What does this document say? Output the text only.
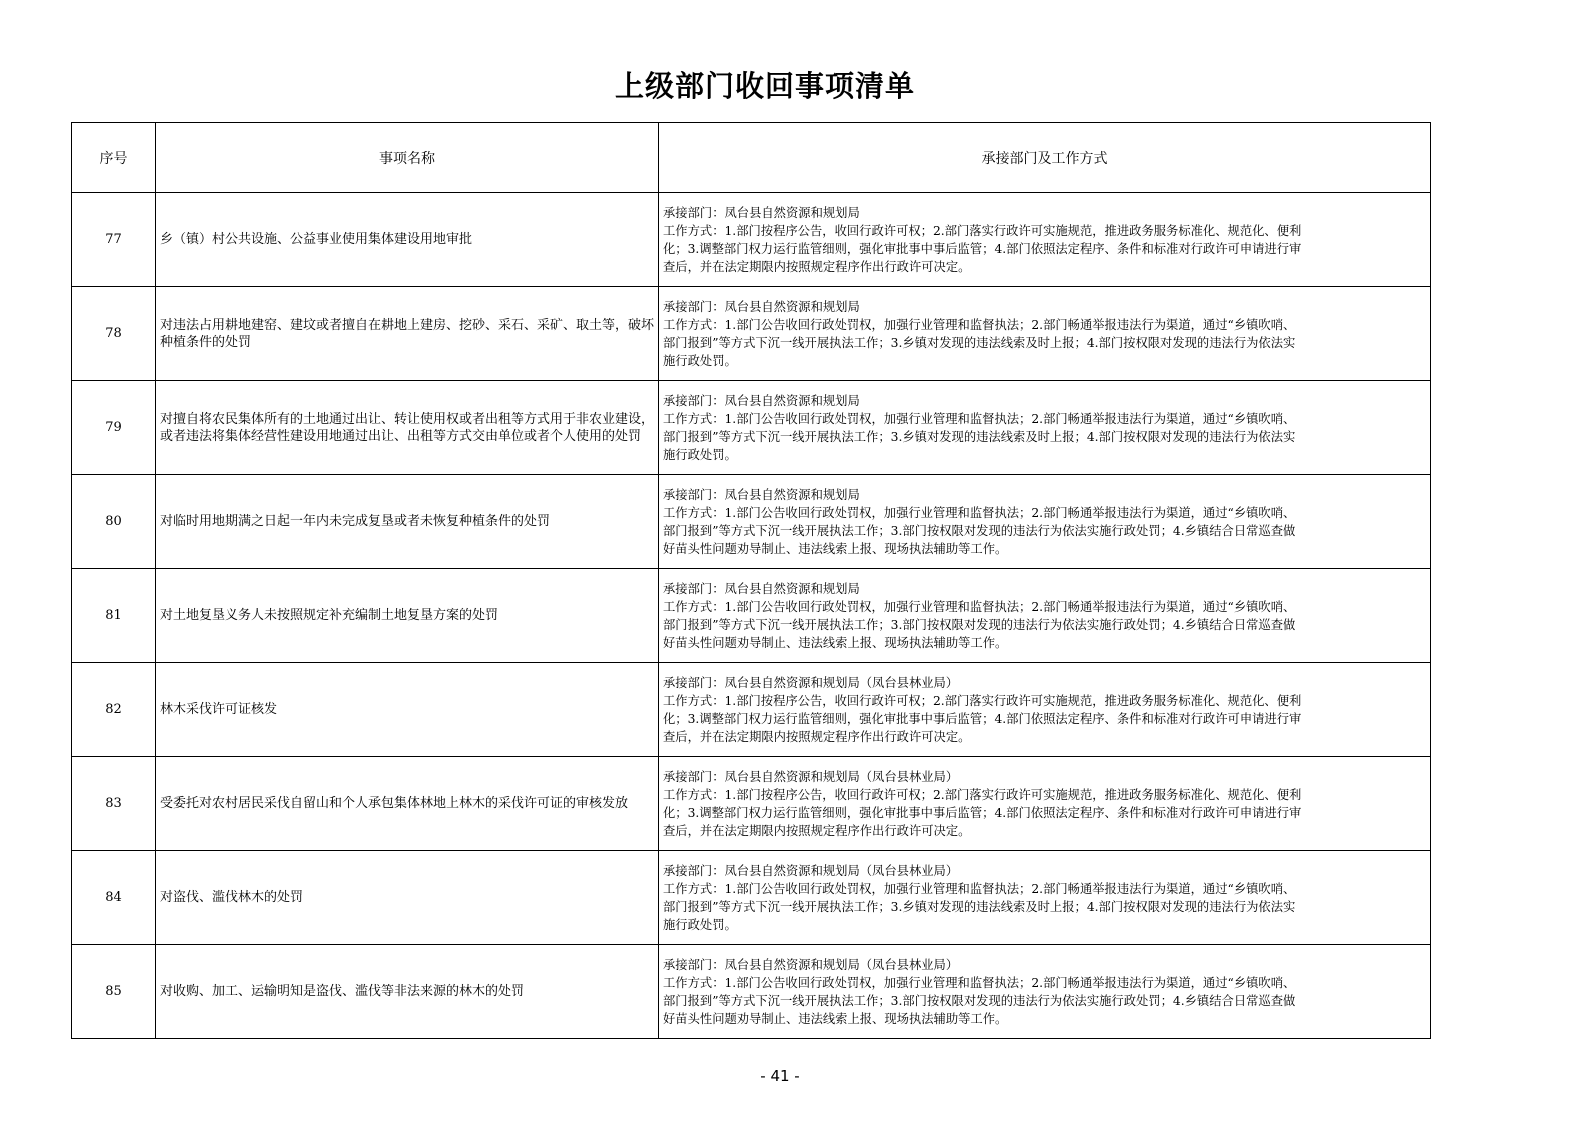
上级部门收回事项清单
序号	事项名称	承接部门及工作方式
77	乡（镇）村公共设施、公益事业使用集体建设用地审批	承接部门：凤台县自然资源和规划局
工作方式：1.部门按程序公告，收回行政许可权；2.部门落实行政许可实施规范，推进政务服务标准化、规范化、便利
化；3.调整部门权力运行监管细则，强化审批事中事后监管；4.部门依照法定程序、条件和标准对行政许可申请进行审
查后，并在法定期限内按照规定程序作出行政许可决定。

78	对违法占用耕地建窑、建坟或者擅自在耕地上建房、挖砂、采石、采矿、取土等，破坏种植条件的处罚	承接部门：凤台县自然资源和规划局
工作方式：1.部门公告收回行政处罚权，加强行业管理和监督执法；2.部门畅通举报违法行为渠道，通过“乡镇吹哨、
部门报到”等方式下沉一线开展执法工作；3.乡镇对发现的违法线索及时上报；4.部门按权限对发现的违法行为依法实
施行政处罚。

79	对擅自将农民集体所有的土地通过出让、转让使用权或者出租等方式用于非农业建设，或者违法将集体经营性建设用地通过出让、出租等方式交由单位或者个人使用的处罚	承接部门：凤台县自然资源和规划局
工作方式：1.部门公告收回行政处罚权，加强行业管理和监督执法；2.部门畅通举报违法行为渠道，通过“乡镇吹哨、
部门报到”等方式下沉一线开展执法工作；3.乡镇对发现的违法线索及时上报；4.部门按权限对发现的违法行为依法实
施行政处罚。

80	对临时用地期满之日起一年内未完成复垦或者未恢复种植条件的处罚	承接部门：凤台县自然资源和规划局
工作方式：1.部门公告收回行政处罚权，加强行业管理和监督执法；2.部门畅通举报违法行为渠道，通过“乡镇吹哨、
部门报到”等方式下沉一线开展执法工作；3.部门按权限对发现的违法行为依法实施行政处罚；4.乡镇结合日常巡查做
好苗头性问题劝导制止、违法线索上报、现场执法辅助等工作。

81	对土地复垦义务人未按照规定补充编制土地复垦方案的处罚	承接部门：凤台县自然资源和规划局
工作方式：1.部门公告收回行政处罚权，加强行业管理和监督执法；2.部门畅通举报违法行为渠道，通过“乡镇吹哨、
部门报到”等方式下沉一线开展执法工作；3.部门按权限对发现的违法行为依法实施行政处罚；4.乡镇结合日常巡查做
好苗头性问题劝导制止、违法线索上报、现场执法辅助等工作。

82	林木采伐许可证核发	承接部门：凤台县自然资源和规划局（凤台县林业局）
工作方式：1.部门按程序公告，收回行政许可权；2.部门落实行政许可实施规范，推进政务服务标准化、规范化、便利
化；3.调整部门权力运行监管细则，强化审批事中事后监管；4.部门依照法定程序、条件和标准对行政许可申请进行审
查后，并在法定期限内按照规定程序作出行政许可决定。

83	受委托对农村居民采伐自留山和个人承包集体林地上林木的采伐许可证的审核发放	承接部门：凤台县自然资源和规划局（凤台县林业局）
工作方式：1.部门按程序公告，收回行政许可权；2.部门落实行政许可实施规范，推进政务服务标准化、规范化、便利
化；3.调整部门权力运行监管细则，强化审批事中事后监管；4.部门依照法定程序、条件和标准对行政许可申请进行审
查后，并在法定期限内按照规定程序作出行政许可决定。

84	对盗伐、滥伐林木的处罚	承接部门：凤台县自然资源和规划局（凤台县林业局）
工作方式：1.部门公告收回行政处罚权，加强行业管理和监督执法；2.部门畅通举报违法行为渠道，通过“乡镇吹哨、
部门报到”等方式下沉一线开展执法工作；3.乡镇对发现的违法线索及时上报；4.部门按权限对发现的违法行为依法实
施行政处罚。

85	对收购、加工、运输明知是盗伐、滥伐等非法来源的林木的处罚	承接部门：凤台县自然资源和规划局（凤台县林业局）
工作方式：1.部门公告收回行政处罚权，加强行业管理和监督执法；2.部门畅通举报违法行为渠道，通过“乡镇吹哨、
部门报到”等方式下沉一线开展执法工作；3.部门按权限对发现的违法行为依法实施行政处罚；4.乡镇结合日常巡查做
好苗头性问题劝导制止、违法线索上报、现场执法辅助等工作。
- 41 -
